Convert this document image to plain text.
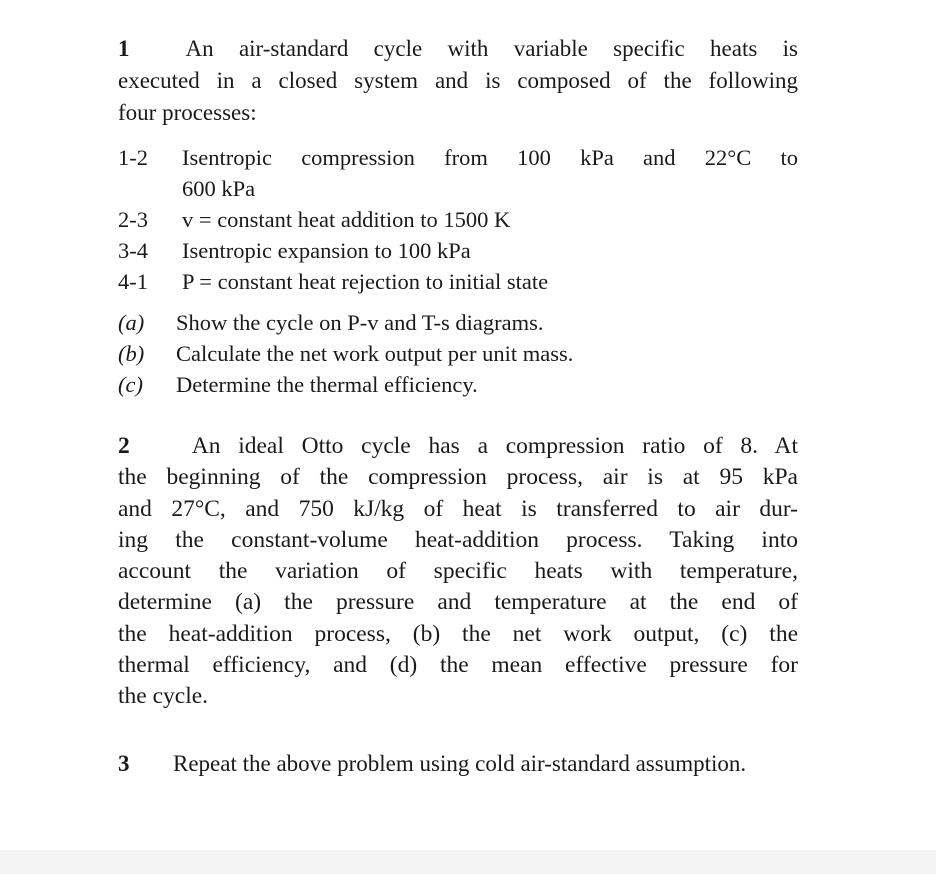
1 An air-standard cycle with variable specific heats is
executed in a closed system and is composed of the following
four processes:
1-2	Isentropic compression from 100 kPa and 22°C to
600 kPa
2-3 v = constant heat addition to 1500 K
3-4 Isentropic expansion to 100 kPa
4-1 P = constant heat rejection to initial state
(a) Show the cycle on P-v and T-s diagrams.
(b) Calculate the net work output per unit mass.
(c) Determine the thermal efficiency.
2	An ideal Otto cycle has a compression ratio of 8. At
the beginning of the compression process, air is at 95 kPa
and 27°C, and 750 kJ/kg of heat is transferred to air dur-
ing the constant-volume heat-addition process. Taking into
account the variation of specific heats with temperature,
determine (a) the pressure and temperature at the end of
the heat-addition process, (b) the net work output, (c) the
thermal efficiency, and (d) the mean effective pressure for
the cycle.
3 Repeat the above problem using cold air-standard assumption.
